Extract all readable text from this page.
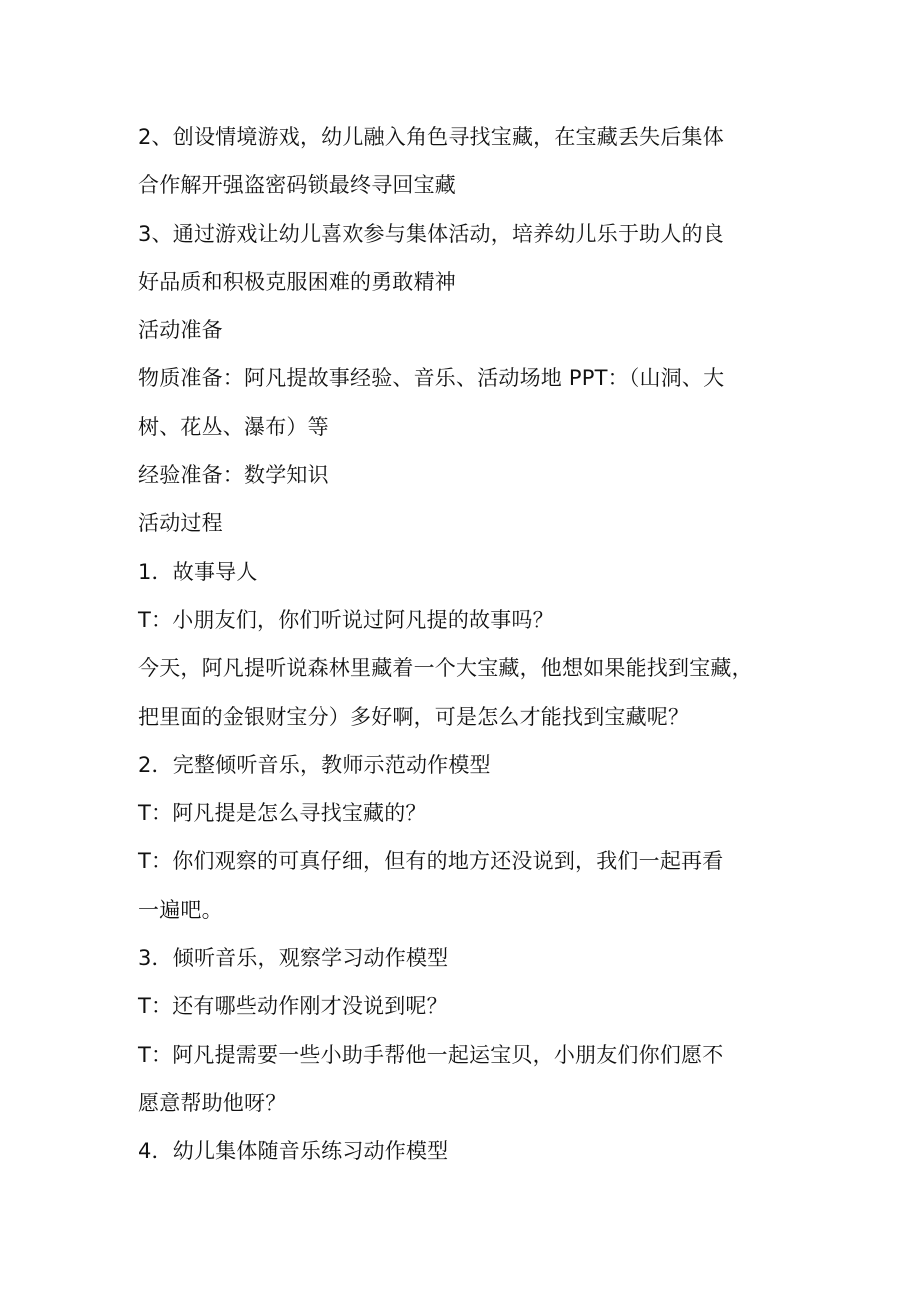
2、创设情境游戏，幼儿融入角色寻找宝藏，在宝藏丢失后集体
合作解开强盗密码锁最终寻回宝藏
3、通过游戏让幼儿喜欢参与集体活动，培养幼儿乐于助人的良
好品质和积极克服困难的勇敢精神
活动准备
物质准备：阿凡提故事经验、音乐、活动场地 PPT：（山洞、大
树、花丛、瀑布）等
经验准备：数学知识
活动过程
1．故事导人
T：小朋友们，你们听说过阿凡提的故事吗？
今天，阿凡提听说森林里藏着一个大宝藏，他想如果能找到宝藏，
把里面的金银财宝分）多好啊，可是怎么才能找到宝藏呢？
2．完整倾听音乐，教师示范动作模型
T：阿凡提是怎么寻找宝藏的？
T：你们观察的可真仔细，但有的地方还没说到，我们一起再看
一遍吧。
3．倾听音乐，观察学习动作模型
T：还有哪些动作刚才没说到呢？
T：阿凡提需要一些小助手帮他一起运宝贝，小朋友们你们愿不
愿意帮助他呀？
4．幼儿集体随音乐练习动作模型
